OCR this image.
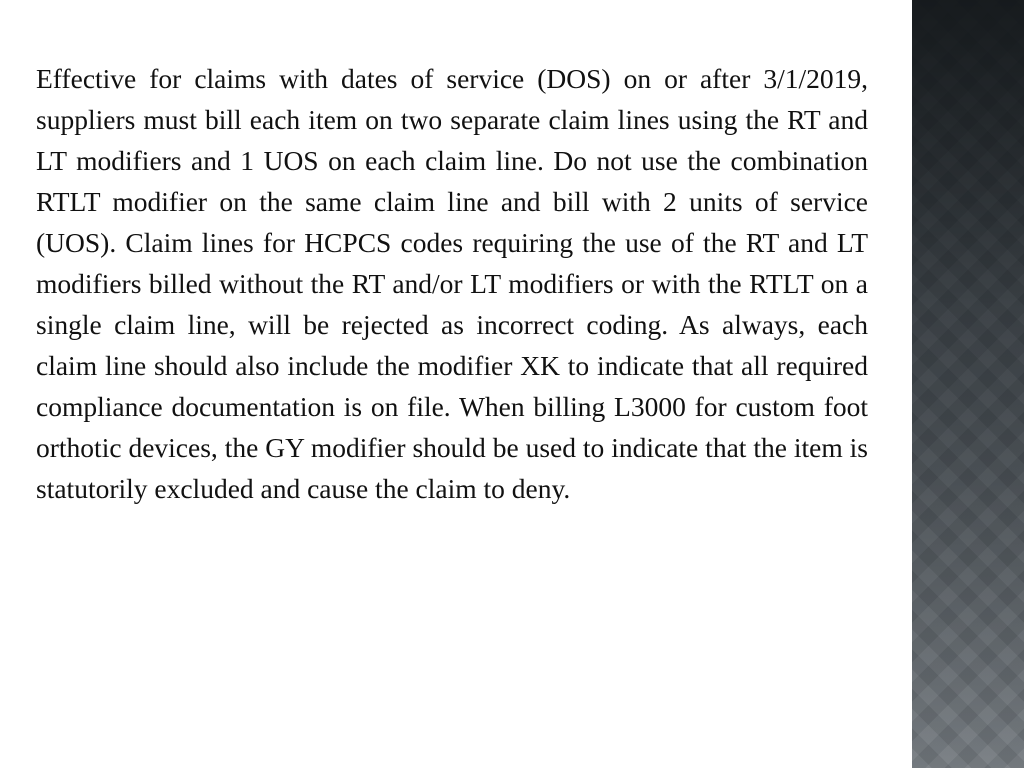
Effective for claims with dates of service (DOS) on or after 3/1/2019, suppliers must bill each item on two separate claim lines using the RT and LT modifiers and 1 UOS on each claim line. Do not use the combination RTLT modifier on the same claim line and bill with 2 units of service (UOS). Claim lines for HCPCS codes requiring the use of the RT and LT modifiers billed without the RT and/or LT modifiers or with the RTLT on a single claim line, will be rejected as incorrect coding. As always, each claim line should also include the modifier XK to indicate that all required compliance documentation is on file. When billing L3000 for custom foot orthotic devices, the GY modifier should be used to indicate that the item is statutorily excluded and cause the claim to deny.
